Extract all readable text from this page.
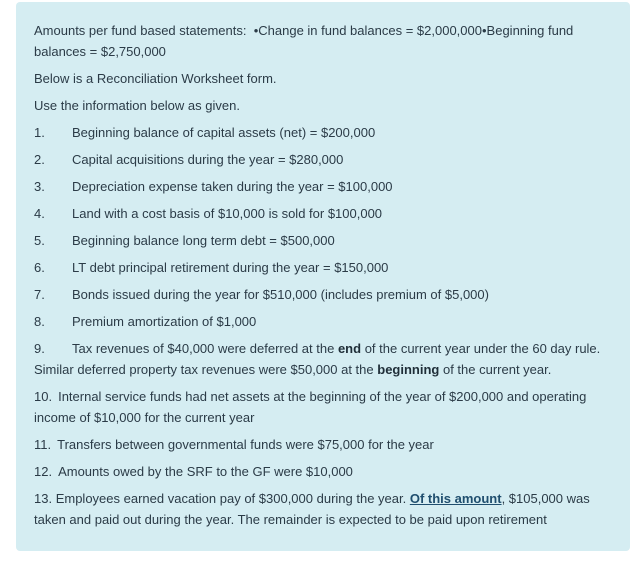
Amounts per fund based statements: •Change in fund balances = $2,000,000•Beginning fund balances = $2,750,000

Below is a Reconciliation Worksheet form.

Use the information below as given.

1.	Beginning balance of capital assets (net) = $200,000
2.	Capital acquisitions during the year = $280,000
3.	Depreciation expense taken during the year = $100,000
4.	Land with a cost basis of $10,000 is sold for $100,000
5.	Beginning balance long term debt = $500,000
6.	LT debt principal retirement during the year = $150,000
7.	Bonds issued during the year for $510,000 (includes premium of $5,000)
8.	Premium amortization of $1,000
9. Tax revenues of $40,000 were deferred at the end of the current year under the 60 day rule. Similar deferred property tax revenues were $50,000 at the beginning of the current year.
10. Internal service funds had net assets at the beginning of the year of $200,000 and operating income of $10,000 for the current year
11. Transfers between governmental funds were $75,000 for the year
12. Amounts owed by the SRF to the GF were $10,000
13. Employees earned vacation pay of $300,000 during the year. Of this amount, $105,000 was taken and paid out during the year. The remainder is expected to be paid upon retirement
